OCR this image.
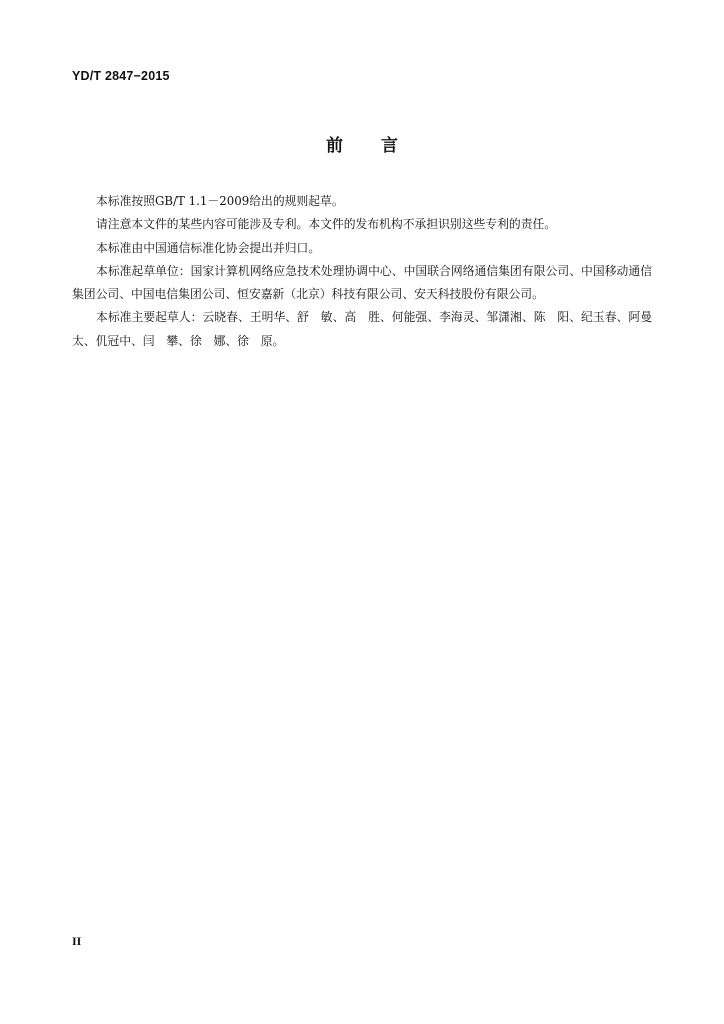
YD/T 2847−2015
前 言

本标准按照GB/T 1.1－2009给出的规则起草。

请注意本文件的某些内容可能涉及专利。本文件的发布机构不承担识别这些专利的责任。

本标准由中国通信标准化协会提出并归口。

本标准起草单位：国家计算机网络应急技术处理协调中心、中国联合网络通信集团有限公司、中国移动通信集团公司、中国电信集团公司、恒安嘉新（北京）科技有限公司、安天科技股份有限公司。

本标准主要起草人：云晓春、王明华、舒　敏、高　胜、何能强、李海灵、邹潇湘、陈　阳、纪玉春、阿曼太、仉冠中、闫　攀、徐　娜、徐　原。

II
